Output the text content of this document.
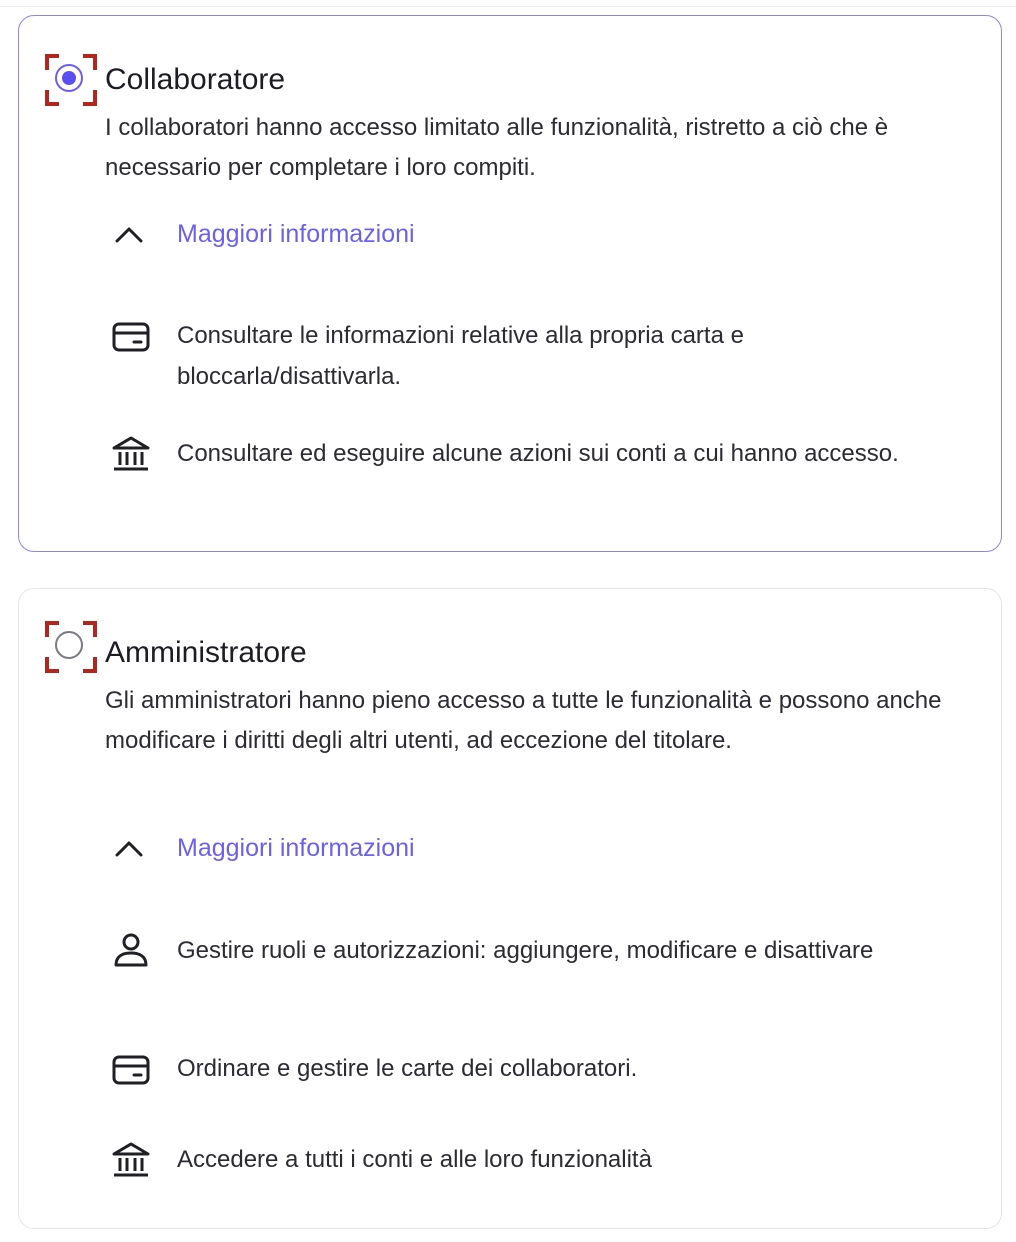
Collaboratore
I collaboratori hanno accesso limitato alle funzionalità, ristretto a ciò che è necessario per completare i loro compiti.
Maggiori informazioni
Consultare le informazioni relative alla propria carta e bloccarla/disattivarla.
Consultare ed eseguire alcune azioni sui conti a cui hanno accesso.
Amministratore
Gli amministratori hanno pieno accesso a tutte le funzionalità e possono anche modificare i diritti degli altri utenti, ad eccezione del titolare.
Maggiori informazioni
Gestire ruoli e autorizzazioni: aggiungere, modificare e disattivare
Ordinare e gestire le carte dei collaboratori.
Accedere a tutti i conti e alle loro funzionalità
